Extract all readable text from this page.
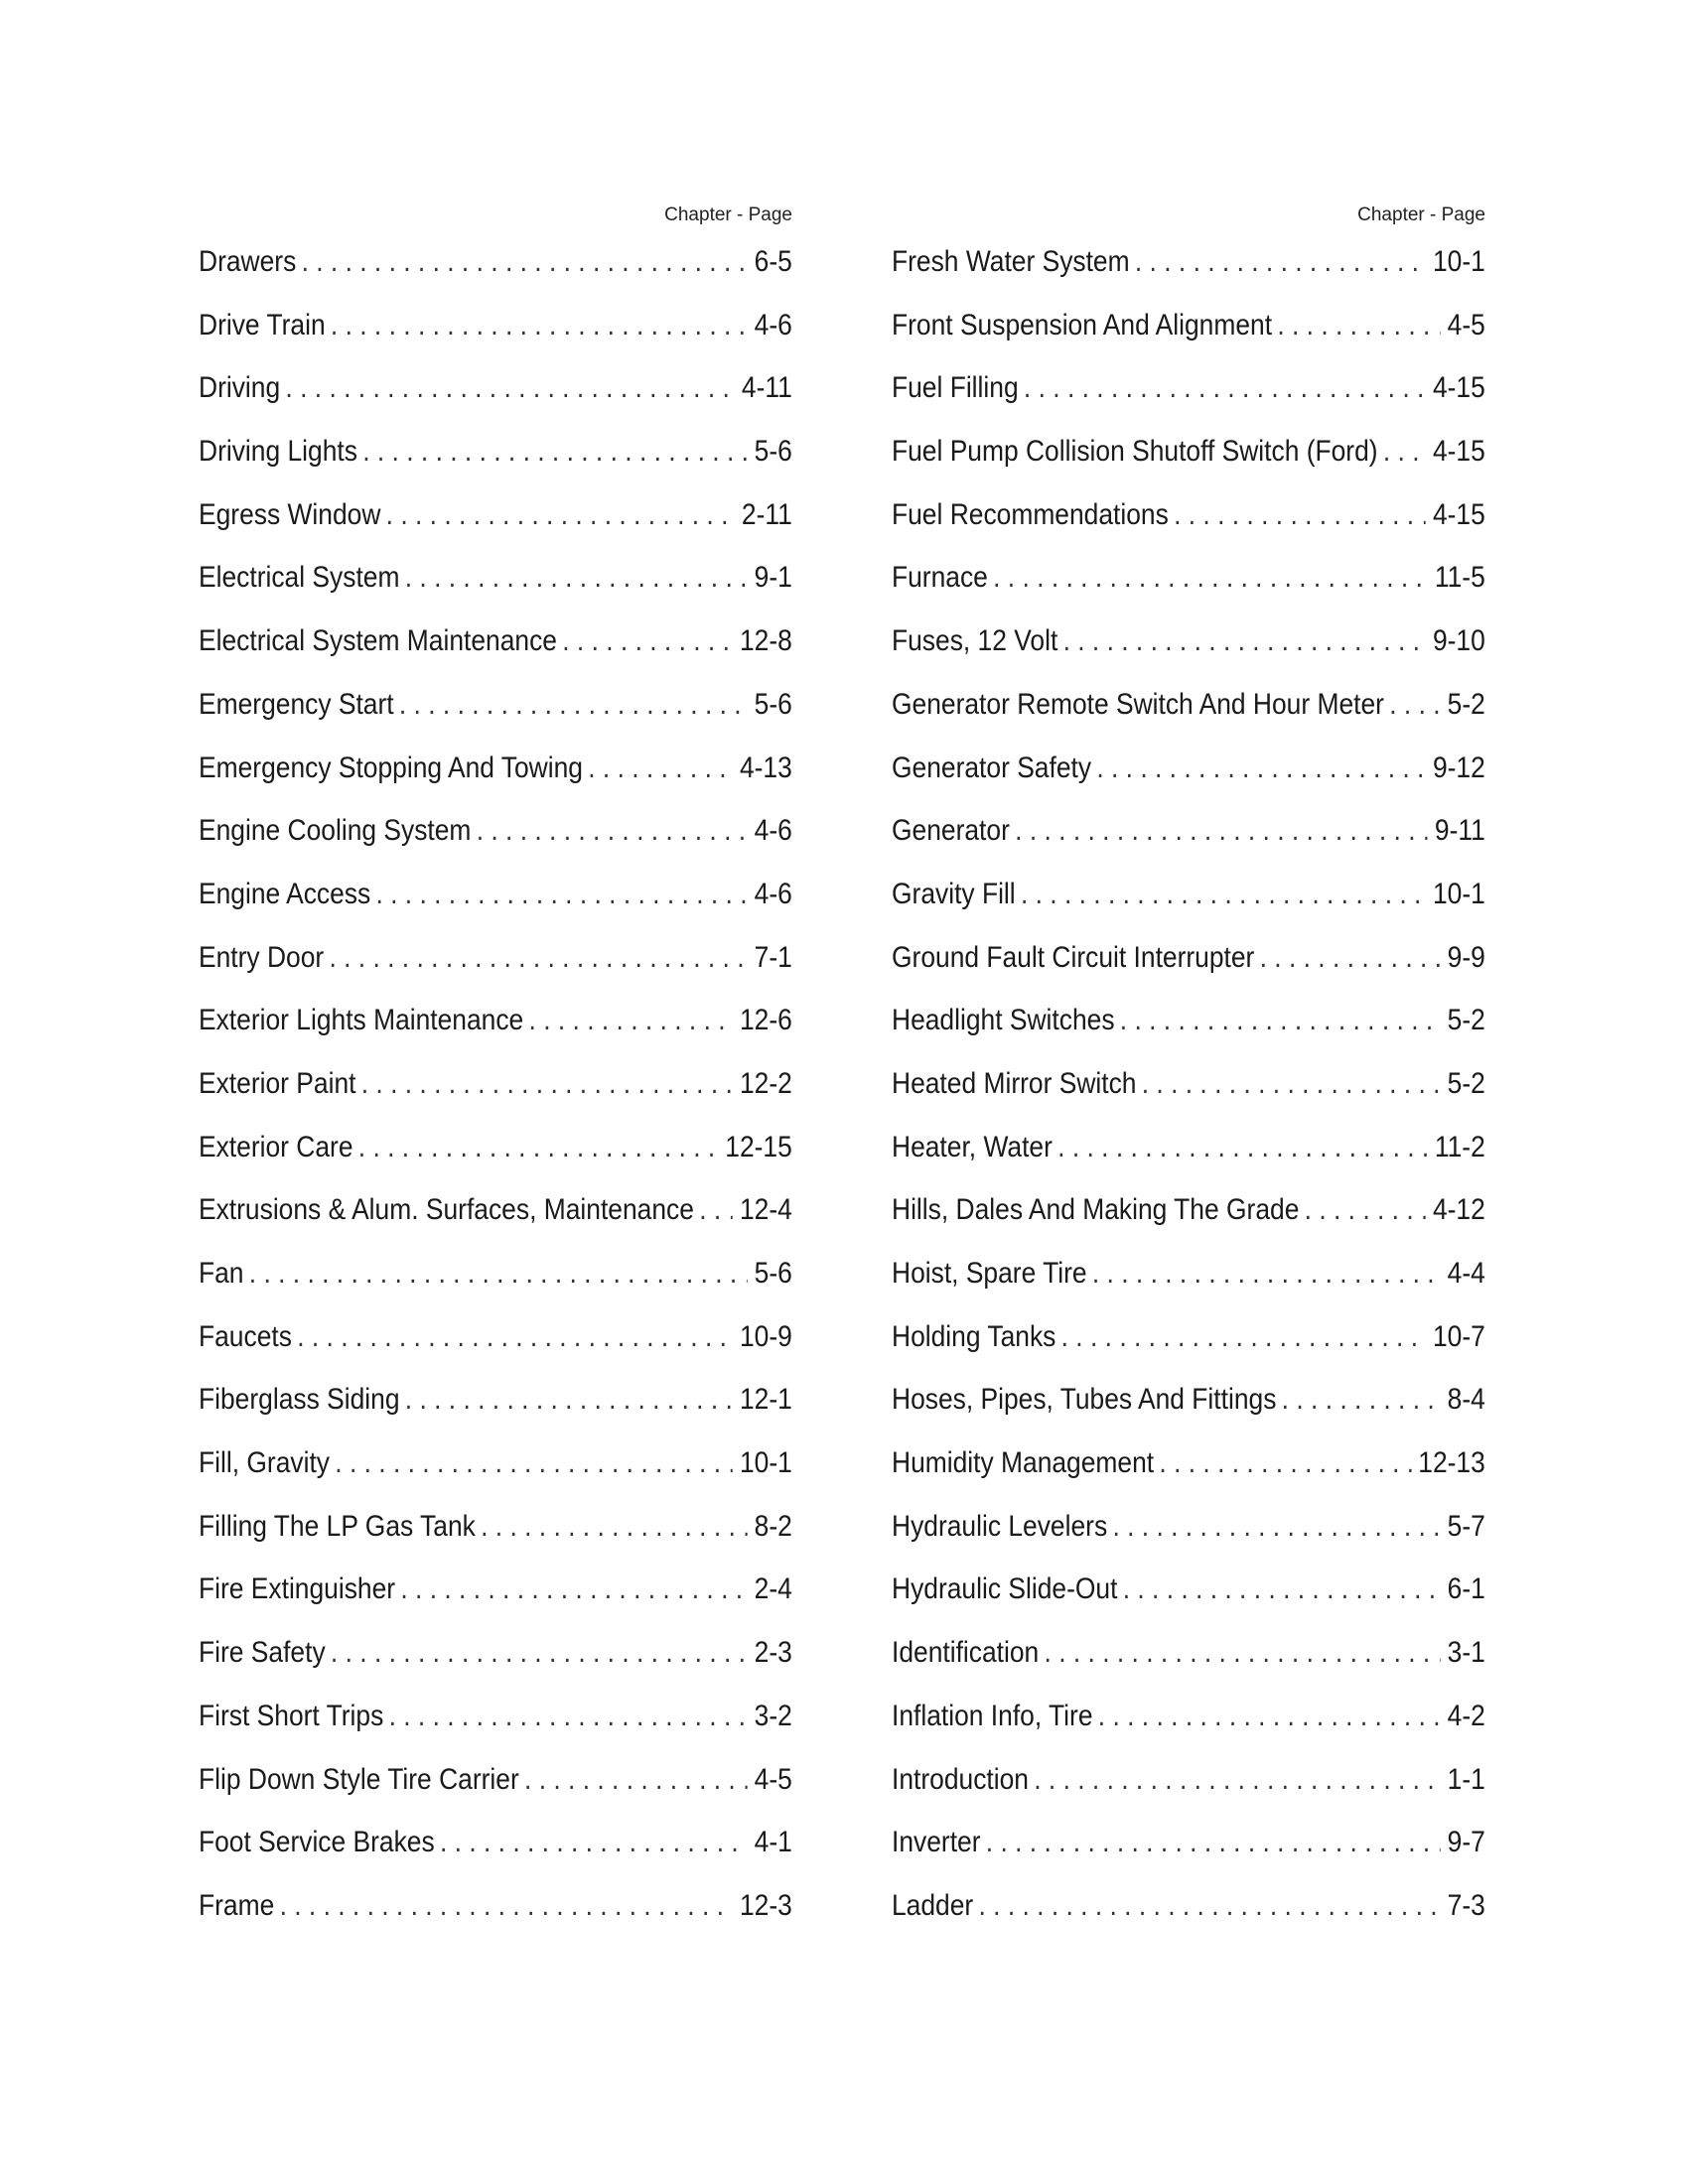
Chapter - Page
Drawers . . .	6-5
Drive Train . . .	4-6
Driving . . .	4-11
Driving Lights . . .	5-6
Egress Window . . .	2-11
Electrical System . . .	9-1
Electrical System Maintenance . . .	12-8
Emergency Start . . .	5-6
Emergency Stopping And Towing . . .	4-13
Engine Cooling System . . .	4-6
Engine Access . . .	4-6
Entry Door . . .	7-1
Exterior Lights Maintenance . . .	12-6
Exterior Paint . . .	12-2
Exterior Care . . .	12-15
Extrusions & Alum. Surfaces, Maintenance . . . 12-4
Fan . . .	5-6
Faucets . . .	10-9
Fiberglass Siding . . .	12-1
Fill, Gravity . . .	10-1
Filling The LP Gas Tank . . .	8-2
Fire Extinguisher . . .	2-4
Fire Safety . . .	2-3
First Short Trips . . .	3-2
Flip Down Style Tire Carrier . . .	4-5
Foot Service Brakes . . .	4-1
Frame . . .	12-3
Chapter - Page
Fresh Water System . . .	10-1
Front Suspension And Alignment . . .	4-5
Fuel Filling . . .	4-15
Fuel Pump Collision Shutoff Switch (Ford) . . . 4-15
Fuel Recommendations . . .	4-15
Furnace . . .	11-5
Fuses, 12 Volt . . .	9-10
Generator Remote Switch And Hour Meter . . . 5-2
Generator Safety . . .	9-12
Generator . . .	9-11
Gravity Fill . . .	10-1
Ground Fault Circuit Interrupter . . .	9-9
Headlight Switches . . .	5-2
Heated Mirror Switch . . .	5-2
Heater, Water . . .	11-2
Hills, Dales And Making The Grade . . .	4-12
Hoist, Spare Tire . . .	4-4
Holding Tanks . . .	10-7
Hoses, Pipes, Tubes And Fittings . . .	8-4
Humidity Management . . .	12-13
Hydraulic Levelers . . .	5-7
Hydraulic Slide-Out . . .	6-1
Identification . . .	3-1
Inflation Info, Tire . . .	4-2
Introduction . . .	1-1
Inverter . . .	9-7
Ladder . . .	7-3
